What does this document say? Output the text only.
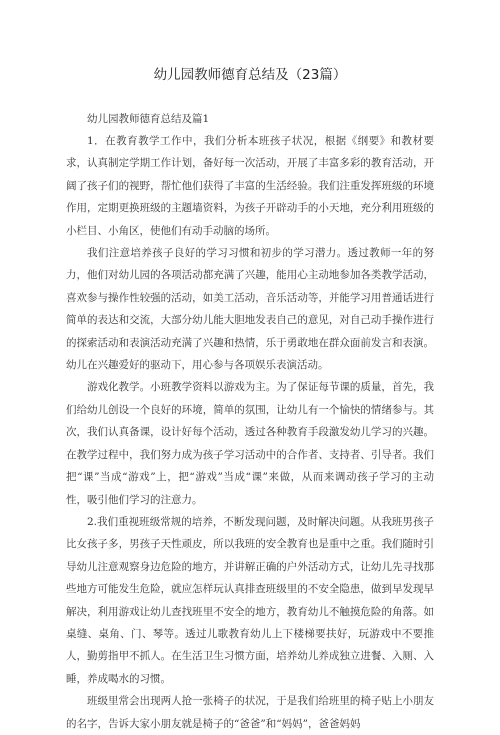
幼儿园教师德育总结及（23篇）

幼儿园教师德育总结及篇1

1．在教育教学工作中，我们分析本班孩子状况，根据《纲要》和教材要求，认真制定学期工作计划，备好每一次活动，开展了丰富多彩的教育活动，开阔了孩子们的视野，帮忙他们获得了丰富的生活经验。我们注重发挥班级的环境作用，定期更换班级的主题墙资料，为孩子开辟动手的小天地，充分利用班级的小栏目、小角区，使他们有动手动脑的场所。

我们注意培养孩子良好的学习习惯和初步的学习潜力。透过教师一年的努力，他们对幼儿园的各项活动都充满了兴趣，能用心主动地参加各类教学活动，喜欢参与操作性较强的活动，如美工活动，音乐活动等，并能学习用普通话进行简单的表达和交流，大部分幼儿能大胆地发表自己的意见，对自己动手操作进行的探索活动和表演活动充满了兴趣和热情，乐于勇敢地在群众面前发言和表演。幼儿在兴趣爱好的驱动下，用心参与各项娱乐表演活动。

游戏化教学。小班教学资料以游戏为主。为了保证每节课的质量，首先，我们给幼儿创设一个良好的环境，简单的氛围，让幼儿有一个愉快的情绪参与。其次，我们认真备课，设计好每个活动，透过各种教育手段激发幼儿学习的兴趣。在教学过程中，我们努力成为孩子学习活动中的合作者、支持者、引导者。我们把“课”当成“游戏”上，把“游戏”当成“课”来做，从而来调动孩子学习的主动性，吸引他们学习的注意力。

2.我们重视班级常规的培养，不断发现问题，及时解决问题。从我班男孩子比女孩子多，男孩子天性顽皮，所以我班的安全教育也是重中之重。我们随时引导幼儿注意观察身边危险的地方，并讲解正确的户外活动方式，让幼儿先寻找那些地方可能发生危险，就应怎样玩认真排查班级里的不安全隐患，做到早发现早解决，利用游戏让幼儿查找班里不安全的地方，教育幼儿不触摸危险的角落。如桌缝、桌角、门、琴等。透过儿歌教育幼儿上下楼梯要扶好，玩游戏中不要推人，勤剪指甲不抓人。在生活卫生习惯方面，培养幼儿养成独立进餐、入厕、入睡，养成喝水的习惯。

班级里常会出现两人抢一张椅子的状况，于是我们给班里的椅子贴上小朋友的名字，告诉大家小朋友就是椅子的“爸爸”和“妈妈”，爸爸妈妈
